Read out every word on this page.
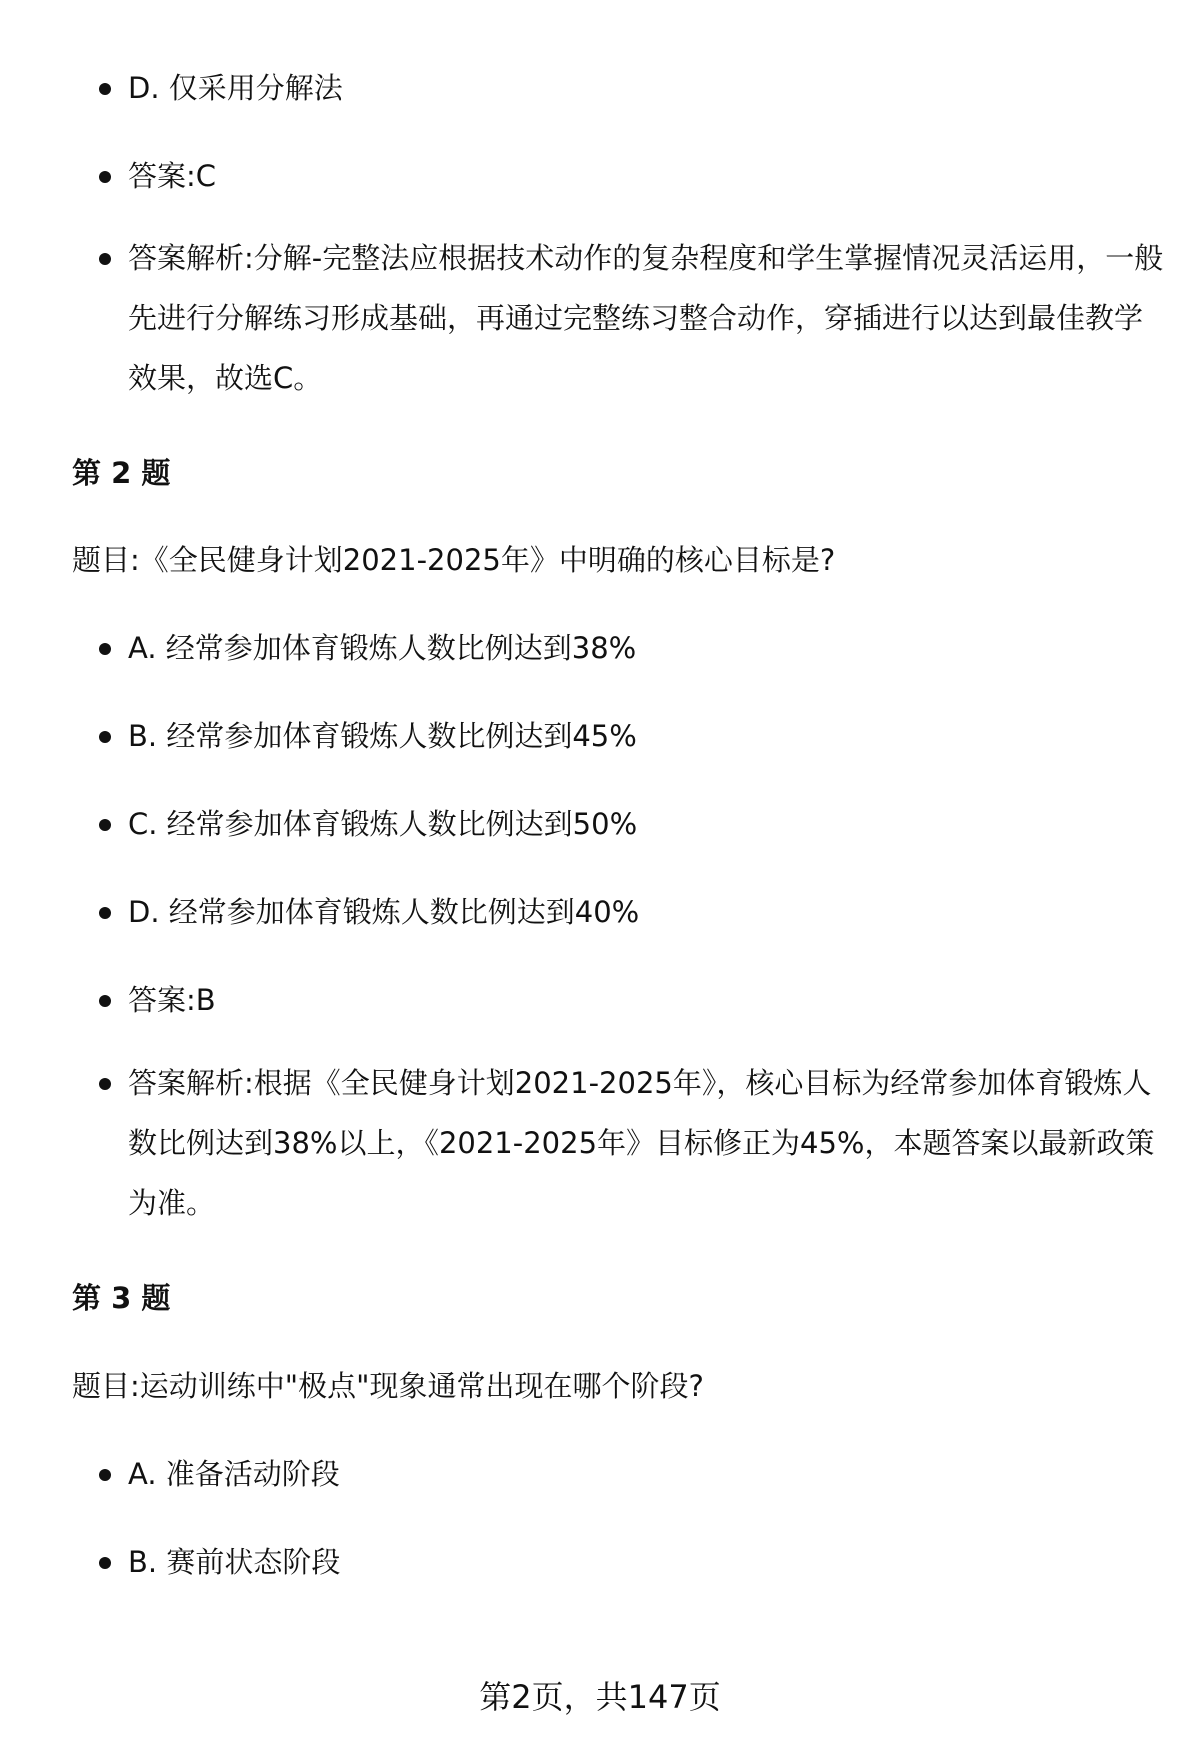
D. 仅采用分解法
答案:C
答案解析:分解-完整法应根据技术动作的复杂程度和学生掌握情况灵活运用，一般先进行分解练习形成基础，再通过完整练习整合动作，穿插进行以达到最佳教学效果，故选C。
第 2 题
题目:《全民健身计划2021-2025年》中明确的核心目标是?
A. 经常参加体育锻炼人数比例达到38%
B. 经常参加体育锻炼人数比例达到45%
C. 经常参加体育锻炼人数比例达到50%
D. 经常参加体育锻炼人数比例达到40%
答案:B
答案解析:根据《全民健身计划2021-2025年》，核心目标为经常参加体育锻炼人数比例达到38%以上，《2021-2025年》目标修正为45%，本题答案以最新政策为准。
第 3 题
题目:运动训练中"极点"现象通常出现在哪个阶段?
A. 准备活动阶段
B. 赛前状态阶段
第2页，共147页
